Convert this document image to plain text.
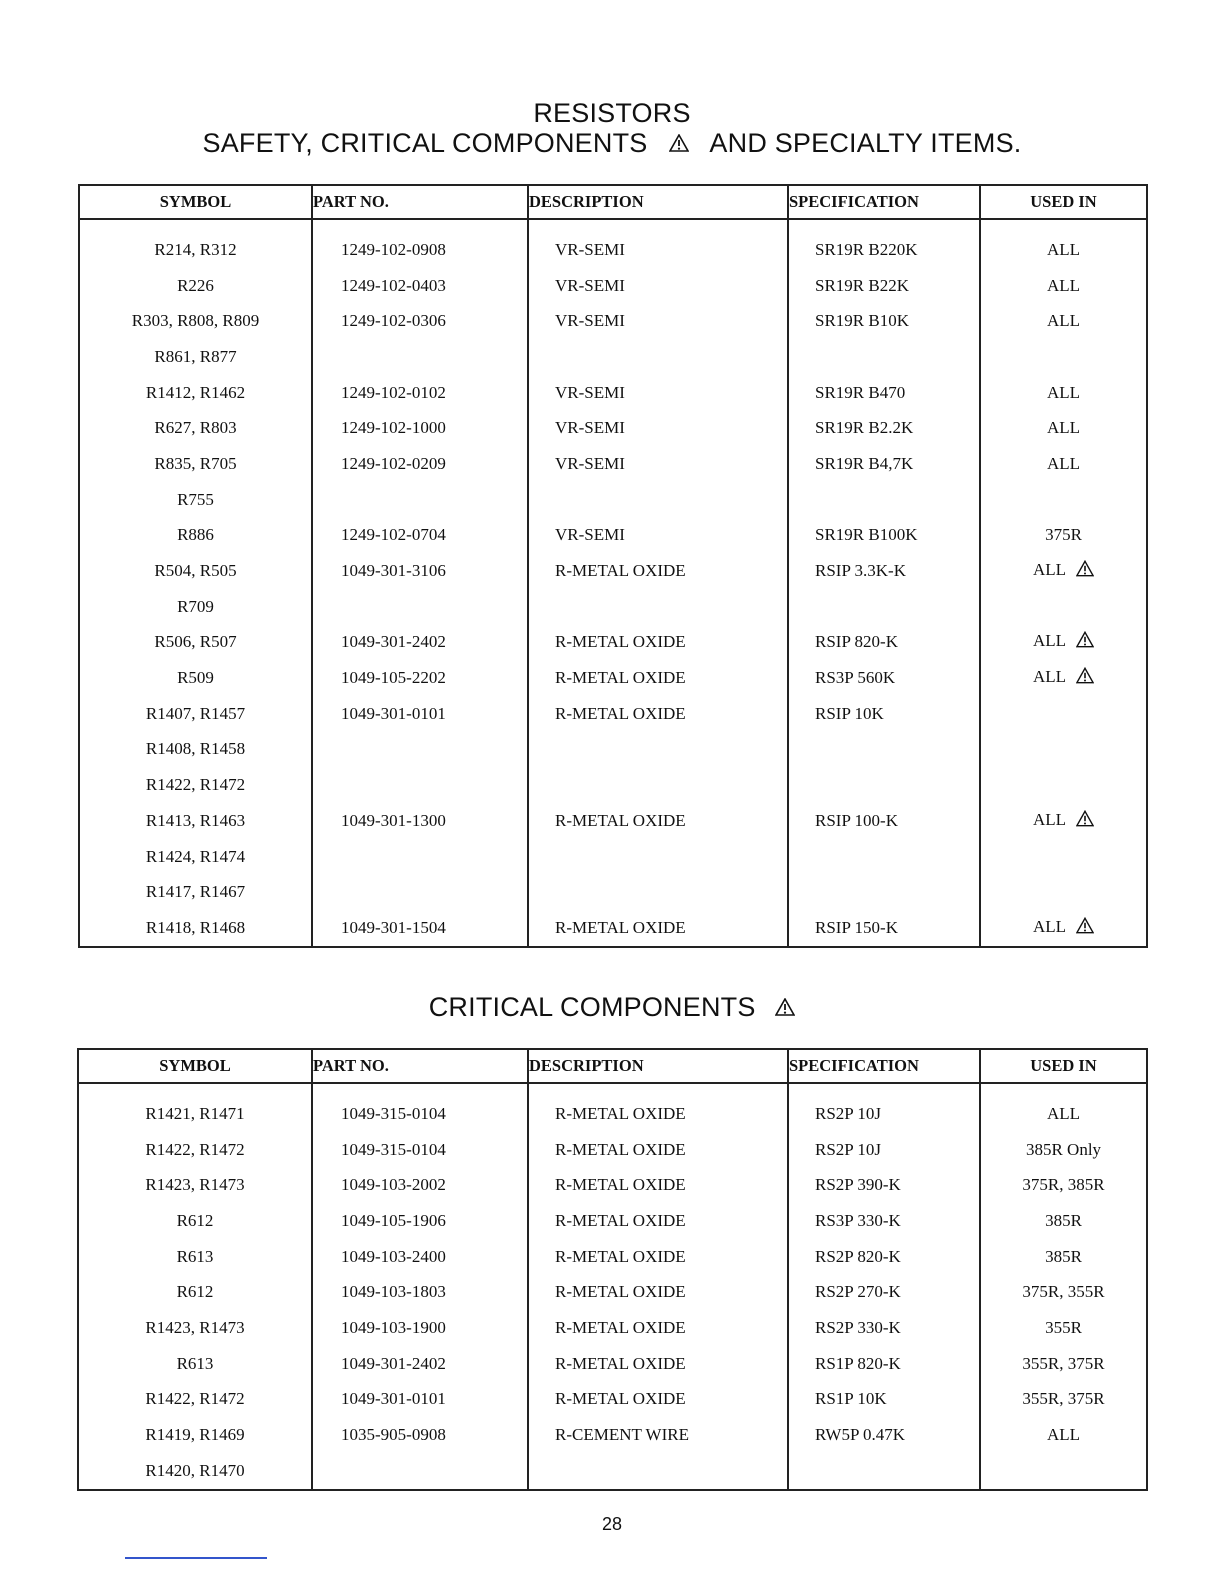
RESISTORS
SAFETY, CRITICAL COMPONENTS AND SPECIALTY ITEMS.
SYMBOL	PART NO.	DESCRIPTION	SPECIFICATION	USED IN
R214, R312	1249-102-0908	VR-SEMI	SR19R B220K	ALL
R226	1249-102-0403	VR-SEMI	SR19R B22K	ALL
R303, R808, R809	1249-102-0306	VR-SEMI	SR19R B10K	ALL
R861, R877				
R1412, R1462	1249-102-0102	VR-SEMI	SR19R B470	ALL
R627, R803	1249-102-1000	VR-SEMI	SR19R B2.2K	ALL
R835, R705	1249-102-0209	VR-SEMI	SR19R B4,7K	ALL
R755				
R886	1249-102-0704	VR-SEMI	SR19R B100K	375R
R504, R505	1049-301-3106	R-METAL OXIDE	RSIP 3.3K-K	ALL
R709				
R506, R507	1049-301-2402	R-METAL OXIDE	RSIP 820-K	ALL
R509	1049-105-2202	R-METAL OXIDE	RS3P 560K	ALL
R1407, R1457	1049-301-0101	R-METAL OXIDE	RSIP 10K	
R1408, R1458				
R1422, R1472				
R1413, R1463	1049-301-1300	R-METAL OXIDE	RSIP 100-K	ALL
R1424, R1474				
R1417, R1467				
R1418, R1468	1049-301-1504	R-METAL OXIDE	RSIP 150-K	ALL
CRITICAL COMPONENTS
SYMBOL	PART NO.	DESCRIPTION	SPECIFICATION	USED IN
R1421, R1471	1049-315-0104	R-METAL OXIDE	RS2P 10J	ALL
R1422, R1472	1049-315-0104	R-METAL OXIDE	RS2P 10J	385R Only
R1423, R1473	1049-103-2002	R-METAL OXIDE	RS2P 390-K	375R, 385R
R612	1049-105-1906	R-METAL OXIDE	RS3P 330-K	385R
R613	1049-103-2400	R-METAL OXIDE	RS2P 820-K	385R
R612	1049-103-1803	R-METAL OXIDE	RS2P 270-K	375R, 355R
R1423, R1473	1049-103-1900	R-METAL OXIDE	RS2P 330-K	355R
R613	1049-301-2402	R-METAL OXIDE	RS1P 820-K	355R, 375R
R1422, R1472	1049-301-0101	R-METAL OXIDE	RS1P 10K	355R, 375R
R1419, R1469	1035-905-0908	R-CEMENT WIRE	RW5P 0.47K	ALL
R1420, R1470				
28
